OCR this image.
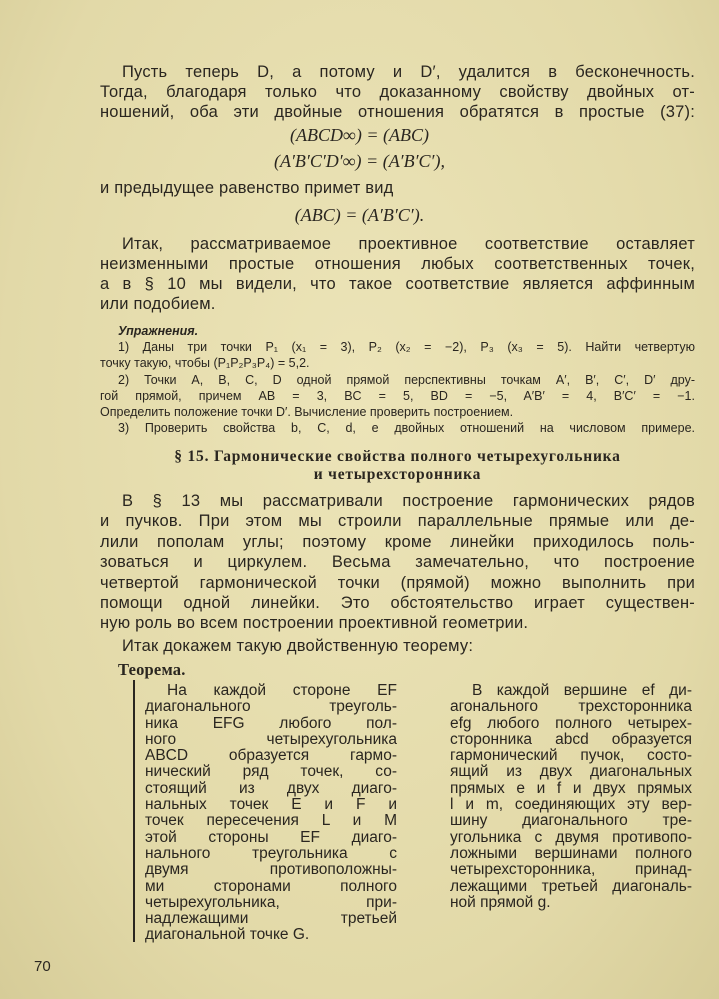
Пусть теперь D, а потому и D′, удалится в бесконечность.
Тогда, благодаря только что доказанному свойству двойных от-
ношений, оба эти двойные отношения обратятся в простые (37):
(ABCD∞) = (ABC)
(A′B′C′D′∞) = (A′B′C′),
и предыдущее равенство примет вид
(ABC) = (A′B′C′).
Итак, рассматриваемое проективное соответствие оставляет
неизменными простые отношения любых соответственных точек,
а в § 10 мы видели, что такое соответствие является аффинным
или подобием.
Упражнения.
1) Даны три точки P₁ (x₁ = 3), P₂ (x₂ = −2), P₃ (x₃ = 5). Найти четвертую
точку такую, чтобы (P₁P₂P₃P₄) = 5,2.
2) Точки A, B, C, D одной прямой перспективны точкам A′, B′, C′, D′ дру-
гой прямой, причем AB = 3, BC = 5, BD = −5, A′B′ = 4, B′C′ = −1.
Определить положение точки D′. Вычисление проверить построением.
3) Проверить свойства b, C, d, e двойных отношений на числовом примере.
§ 15. Гармонические свойства полного четырехугольника
и четырехсторонника
В § 13 мы рассматривали построение гармонических рядов
и пучков. При этом мы строили параллельные прямые или де-
лили пополам углы; поэтому кроме линейки приходилось поль-
зоваться и циркулем. Весьма замечательно, что построение
четвертой гармонической точки (прямой) можно выполнить при
помощи одной линейки. Это обстоятельство играет существен-
ную роль во всем построении проективной геометрии.
Итак докажем такую двойственную теорему:
Теорема.
На каждой стороне EF
диагонального треуголь-
ника EFG любого пол-
ного четырехугольника
ABCD образуется гармо-
нический ряд точек, со-
стоящий из двух диаго-
нальных точек E и F и
точек пересечения L и M
этой стороны EF диаго-
нального треугольника с
двумя противоположны-
ми сторонами полного
четырехугольника, при-
надлежащими третьей
диагональной точке G.
В каждой вершине ef ди-
агонального трехсторонника
efg любого полного четырех-
сторонника abcd образуется
гармонический пучок, состо-
ящий из двух диагональных
прямых e и f и двух прямых
l и m, соединяющих эту вер-
шину диагонального тре-
угольника с двумя противопо-
ложными вершинами полного
четырехсторонника, принад-
лежащими третьей диагональ-
ной прямой g.
70
